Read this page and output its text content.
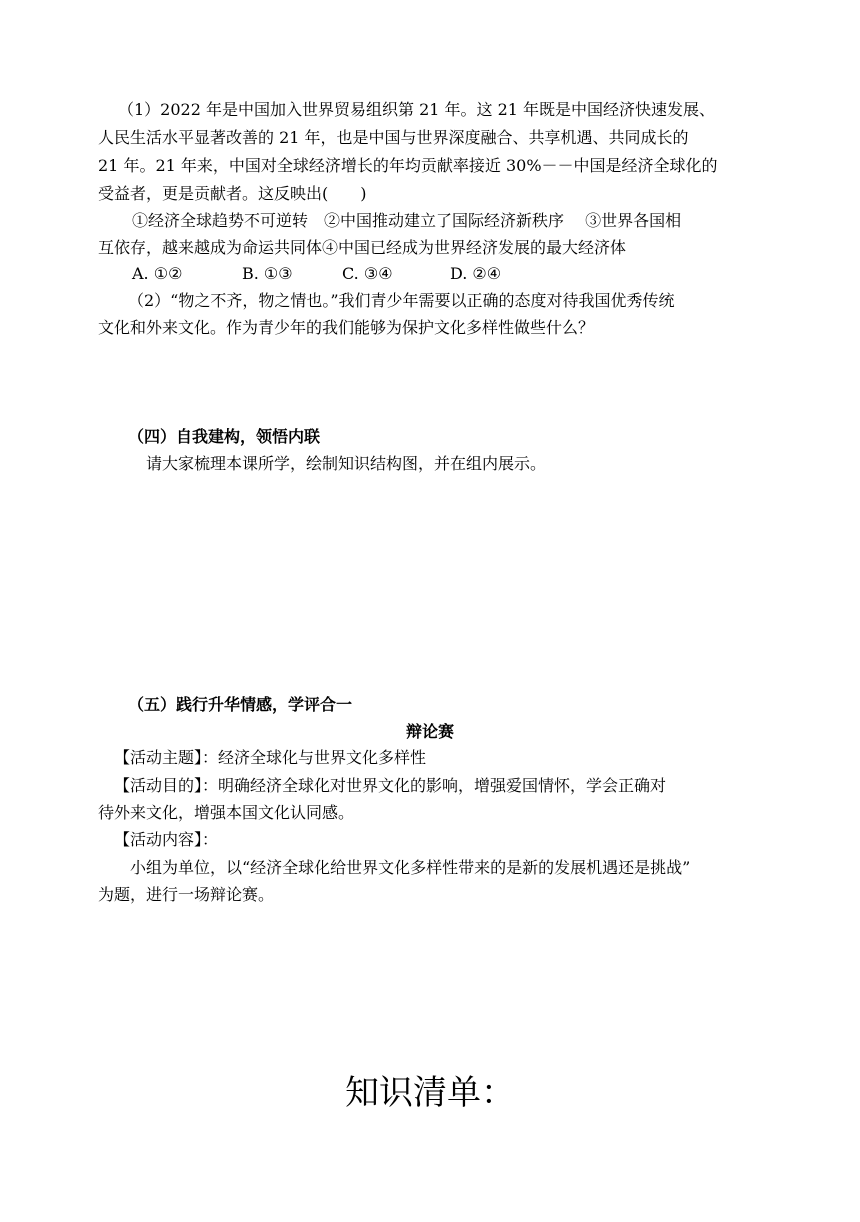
（1）2022 年是中国加入世界贸易组织第 21 年。这 21 年既是中国经济快速发展、
人民生活水平显著改善的 21 年，也是中国与世界深度融合、共享机遇、共同成长的
21 年。21 年来，中国对全球经济增长的年均贡献率接近 30%－－中国是经济全球化的
受益者，更是贡献者。这反映出(　　)
①经济全球趋势不可逆转　②中国推动建立了国际经济新秩序　 ③世界各国相
互依存，越来越成为命运共同体④中国已经成为世界经济发展的最大经济体
A. ①②	B. ①③	C. ③④	D. ②④
（2）“物之不齐，物之情也。”我们青少年需要以正确的态度对待我国优秀传统
文化和外来文化。作为青少年的我们能够为保护文化多样性做些什么？
（四）自我建构，领悟内联
请大家梳理本课所学，绘制知识结构图，并在组内展示。
（五）践行升华情感，学评合一
辩论赛
【活动主题】：经济全球化与世界文化多样性
【活动目的】：明确经济全球化对世界文化的影响，增强爱国情怀，学会正确对
待外来文化，增强本国文化认同感。
【活动内容】：
小组为单位，以“经济全球化给世界文化多样性带来的是新的发展机遇还是挑战”
为题，进行一场辩论赛。
知识清单：
